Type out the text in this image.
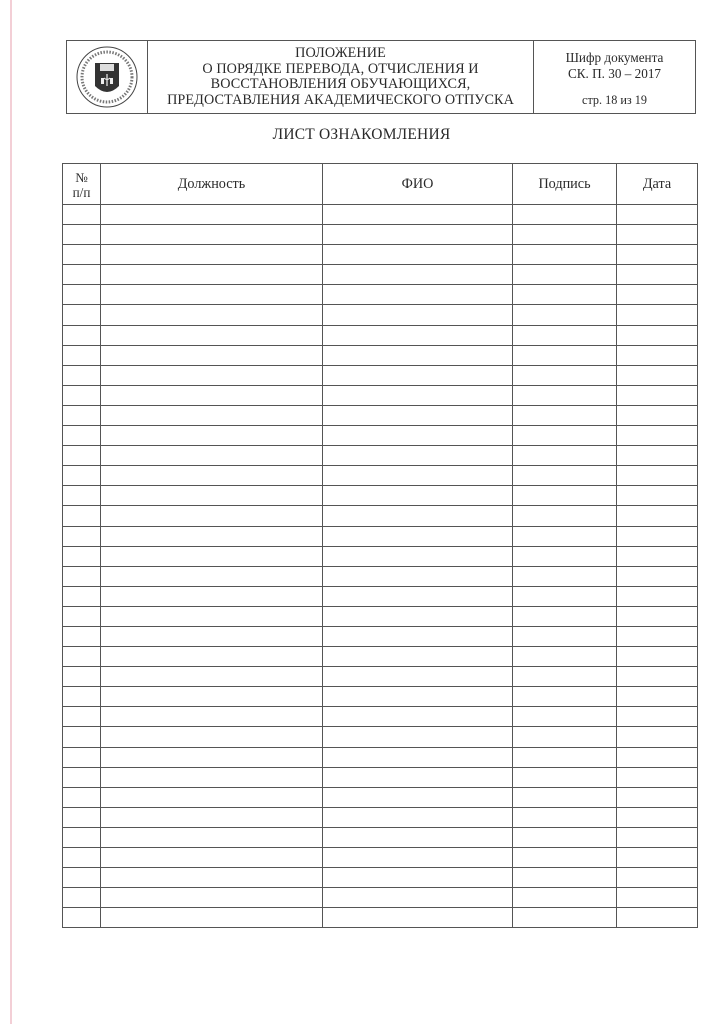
ПОЛОЖЕНИЕ
О ПОРЯДКЕ ПЕРЕВОДА, ОТЧИСЛЕНИЯ И
ВОССТАНОВЛЕНИЯ ОБУЧАЮЩИХСЯ,
ПРЕДОСТАВЛЕНИЯ АКАДЕМИЧЕСКОГО ОТПУСКА
Шифр документа
СК. П. 30 – 2017
стр. 18 из 19
ЛИСТ ОЗНАКОМЛЕНИЯ
№
п/п	Должность	ФИО	Подпись	Дата
